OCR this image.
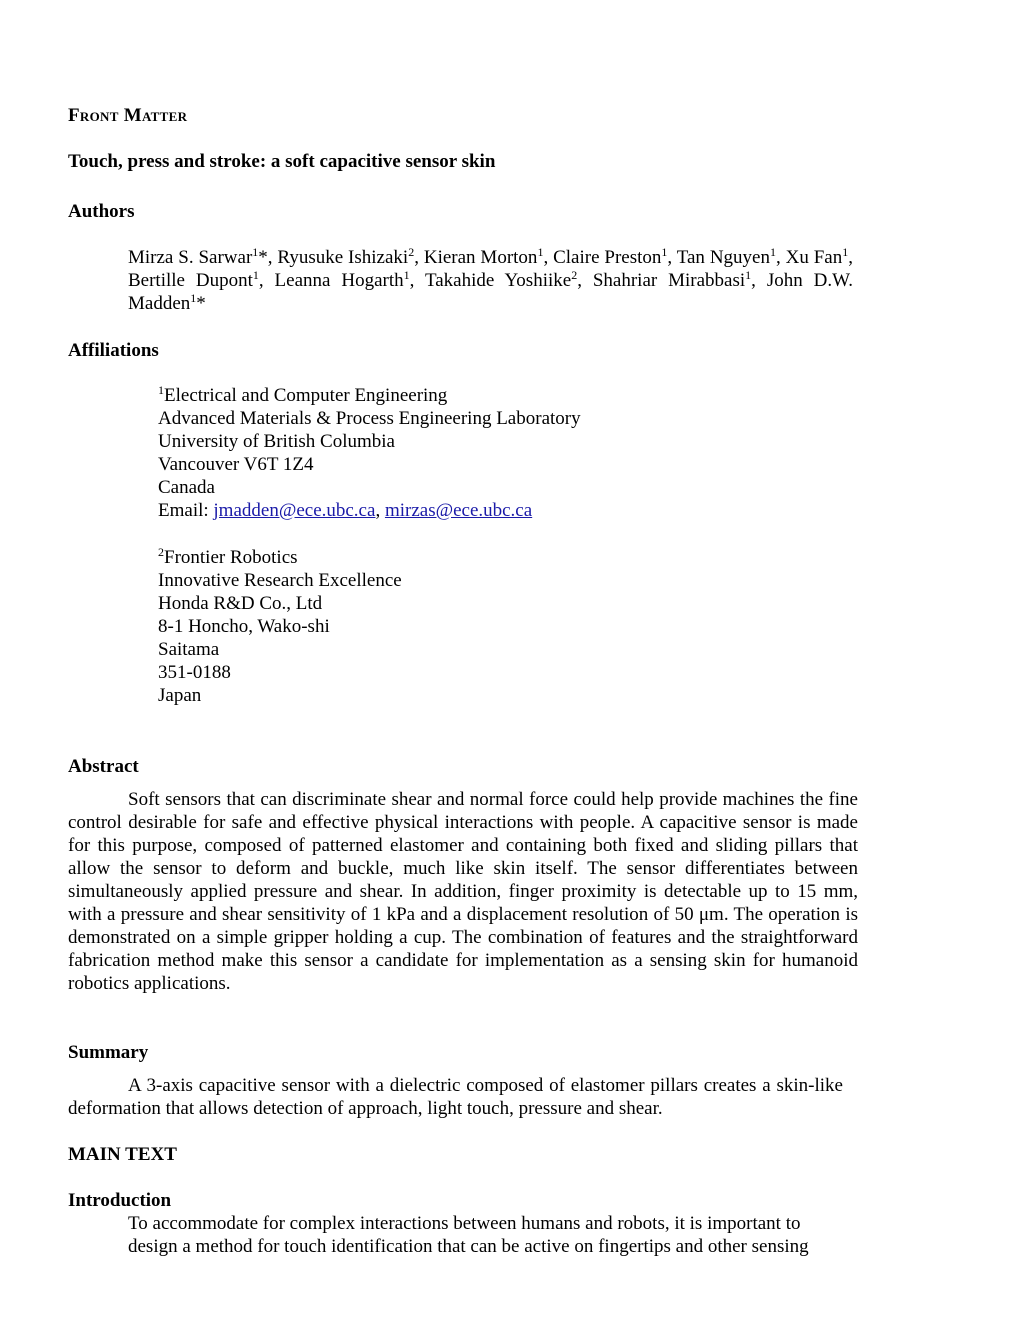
Front Matter
Touch, press and stroke: a soft capacitive sensor skin
Authors
Mirza S. Sarwar$^1$*, Ryusuke Ishizaki$^2$, Kieran Morton$^1$, Claire Preston$^1$, Tan Nguyen$^1$, Xu Fan$^1$, Bertille Dupont$^1$, Leanna Hogarth$^1$, Takahide Yoshiike$^2$, Shahriar Mirabbasi$^1$, John D.W. Madden$^1$*
Affiliations

$^1$Electrical and Computer Engineering

Advanced Materials & Process Engineering Laboratory

University of British Columbia

Vancouver V6T 1Z4

Canada

Email: jmadden@ece.ubc.ca, mirzas@ece.ubc.ca

$^2$Frontier Robotics

Innovative Research Excellence

Honda R&D Co., Ltd

8-1 Honcho, Wako-shi

Saitama

351-0188

Japan

Abstract
Soft sensors that can discriminate shear and normal force could help provide machines the fine control desirable for safe and effective physical interactions with people. A capacitive sensor is made for this purpose, composed of patterned elastomer and containing both fixed and sliding pillars that allow the sensor to deform and buckle, much like skin itself. The sensor differentiates between simultaneously applied pressure and shear. In addition, finger proximity is detectable up to 15 mm, with a pressure and shear sensitivity of 1 kPa and a displacement resolution of 50 μm. The operation is demonstrated on a simple gripper holding a cup. The combination of features and the straightforward fabrication method make this sensor a candidate for implementation as a sensing skin for humanoid robotics applications.
Summary
A 3-axis capacitive sensor with a dielectric composed of elastomer pillars creates a skin-like deformation that allows detection of approach, light touch, pressure and shear.
MAIN TEXT
Introduction
To accommodate for complex interactions between humans and robots, it is important to design a method for touch identification that can be active on fingertips and other sensing
